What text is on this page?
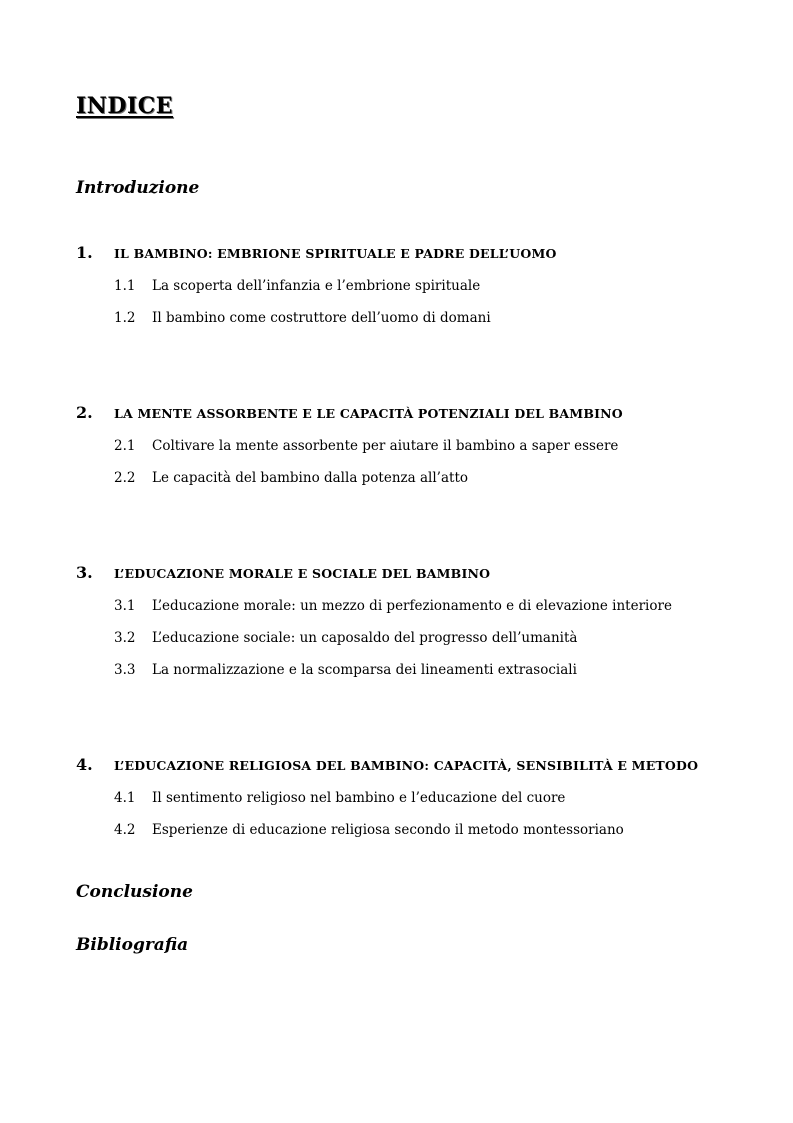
INDICE

Introduzione

1.	IL BAMBINO: EMBRIONE SPIRITUALE E PADRE DELL’UOMO
1.1	La scoperta dell’infanzia e l’embrione spirituale
1.2	Il bambino come costruttore dell’uomo di domani
2.	LA MENTE ASSORBENTE E LE CAPACITÀ POTENZIALI DEL BAMBINO
2.1	Coltivare la mente assorbente per aiutare il bambino a saper essere
2.2	Le capacità del bambino dalla potenza all’atto
3.	L’EDUCAZIONE MORALE E SOCIALE DEL BAMBINO
3.1	L’educazione morale: un mezzo di perfezionamento e di elevazione interiore
3.2	L’educazione sociale: un caposaldo del progresso dell’umanità
3.3	La normalizzazione e la scomparsa dei lineamenti extrasociali
4.	L’EDUCAZIONE RELIGIOSA DEL BAMBINO: CAPACITÀ, SENSIBILITÀ E METODO
4.1	Il sentimento religioso nel bambino e l’educazione del cuore
4.2	Esperienze di educazione religiosa secondo il metodo montessoriano

Conclusione

Bibliografia
